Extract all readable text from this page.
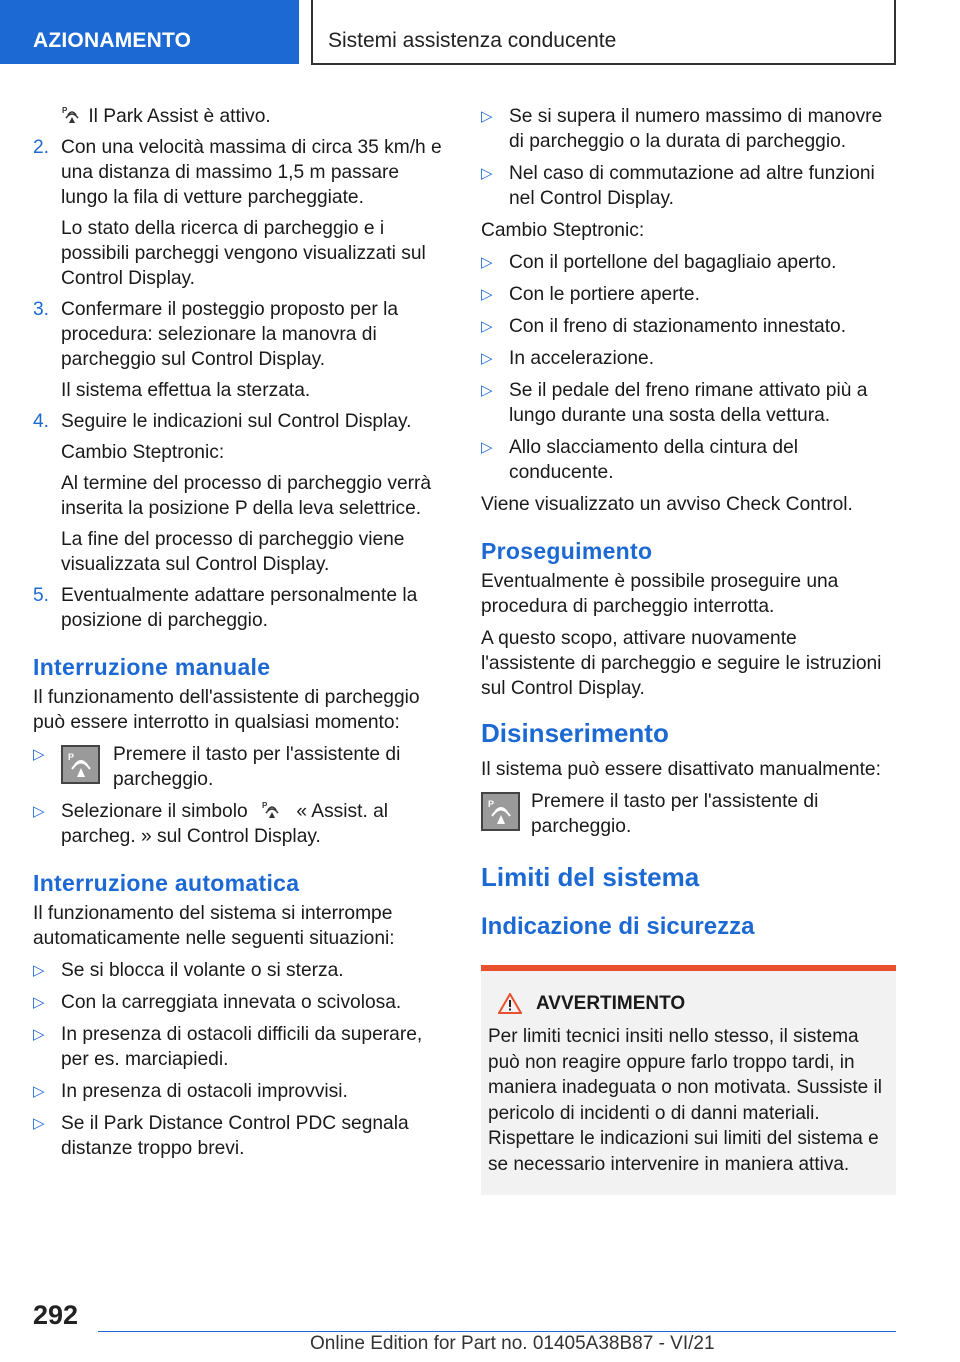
AZIONAMENTO	Sistemi assistenza conducente
P Il Park Assist è attivo.
2. Con una velocità massima di circa 35 km/h e una distanza di massimo 1,5 m passare lungo la fila di vetture parcheggiate.
Lo stato della ricerca di parcheggio e i possibili parcheggi vengono visualizzati sul Control Display.
3. Confermare il posteggio proposto per la procedura: selezionare la manovra di parcheggio sul Control Display.
Il sistema effettua la sterzata.
4. Seguire le indicazioni sul Control Display.
Cambio Steptronic:
Al termine del processo di parcheggio verrà inserita la posizione P della leva selettrice.
La fine del processo di parcheggio viene visualizzata sul Control Display.
5. Eventualmente adattare personalmente la posizione di parcheggio.
Interruzione manuale
Il funzionamento dell'assistente di parcheggio può essere interrotto in qualsiasi momento:
▷	P Premere il tasto per l'assistente di parcheggio.
▷ Selezionare il simbolo P « Assist. al parcheg. » sul Control Display.
Interruzione automatica
Il funzionamento del sistema si interrompe automaticamente nelle seguenti situazioni:
▷ Se si blocca il volante o si sterza.
▷ Con la carreggiata innevata o scivolosa.
▷ In presenza di ostacoli difficili da superare, per es. marciapiedi.
▷ In presenza di ostacoli improvvisi.
▷ Se il Park Distance Control PDC segnala distanze troppo brevi.
▷ Se si supera il numero massimo di manovre di parcheggio o la durata di parcheggio.
▷ Nel caso di commutazione ad altre funzioni nel Control Display.
Cambio Steptronic:
▷ Con il portellone del bagagliaio aperto.
▷ Con le portiere aperte.
▷ Con il freno di stazionamento innestato.
▷ In accelerazione.
▷ Se il pedale del freno rimane attivato più a lungo durante una sosta della vettura.
▷ Allo slacciamento della cintura del conducente.
Viene visualizzato un avviso Check Control.
Proseguimento
Eventualmente è possibile proseguire una procedura di parcheggio interrotta.
A questo scopo, attivare nuovamente l'assistente di parcheggio e seguire le istruzioni sul Control Display.
Disinserimento
Il sistema può essere disattivato manualmente:
P Premere il tasto per l'assistente di parcheggio.
Limiti del sistema
Indicazione di sicurezza
AVVERTIMENTO
Per limiti tecnici insiti nello stesso, il sistema può non reagire oppure farlo troppo tardi, in maniera inadeguata o non motivata. Sussiste il pericolo di incidenti o di danni materiali. Rispettare le indicazioni sui limiti del sistema e se necessario intervenire in maniera attiva.
292
Online Edition for Part no. 01405A38B87 - VI/21
